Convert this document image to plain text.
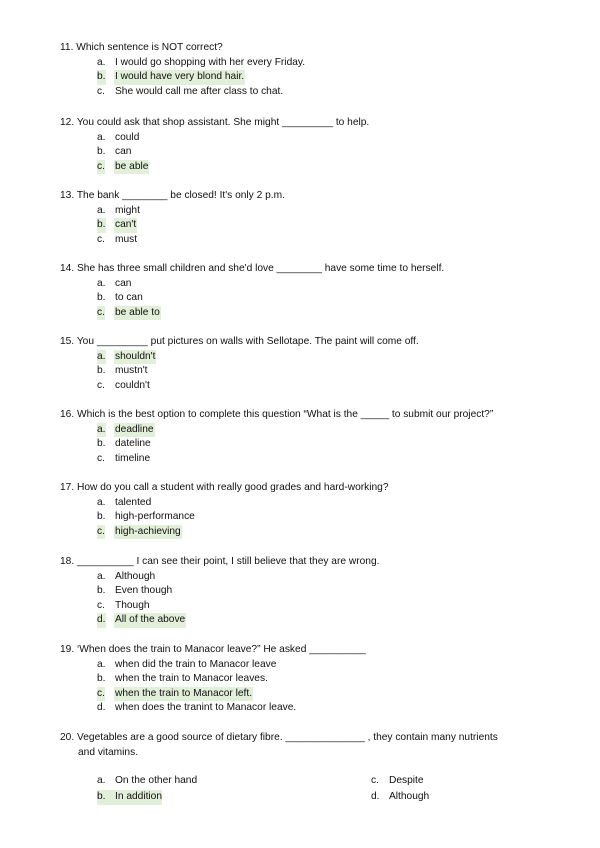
11. Which sentence is NOT correct?

a. I would go shopping with her every Friday.
b. I would have very blond hair.
c. She would call me after class to chat.

12. You could ask that shop assistant. She might _________ to help.

a. could
b. can
c. be able

13. The bank ________ be closed! It's only 2 p.m.

a. might
b. can't
c. must

14. She has three small children and she'd love ________ have some time to herself.

a. can
b. to can
c. be able to

15. You _________ put pictures on walls with Sellotape. The paint will come off.

a. shouldn't
b. mustn't
c. couldn't

16. Which is the best option to complete this question “What is the _____ to submit our project?”

a. deadline
b. dateline
c. timeline

17. How do you call a student with really good grades and hard-working?

a. talented
b. high-performance
c. high-achieving

18. __________ I can see their point, I still believe that they are wrong.

a. Although
b. Even though
c. Though
d. All of the above

19. ‘When does the train to Manacor leave?” He asked __________

a. when did the train to Manacor leave
b. when the train to Manacor leaves.
c. when the train to Manacor left.
d. when does the tranint to Manacor leave.

20. Vegetables are a good source of dietary fibre. ______________ , they contain many nutrients

and vitamins.

a. On the other hand
b. In addition
c. Despite
d. Although
